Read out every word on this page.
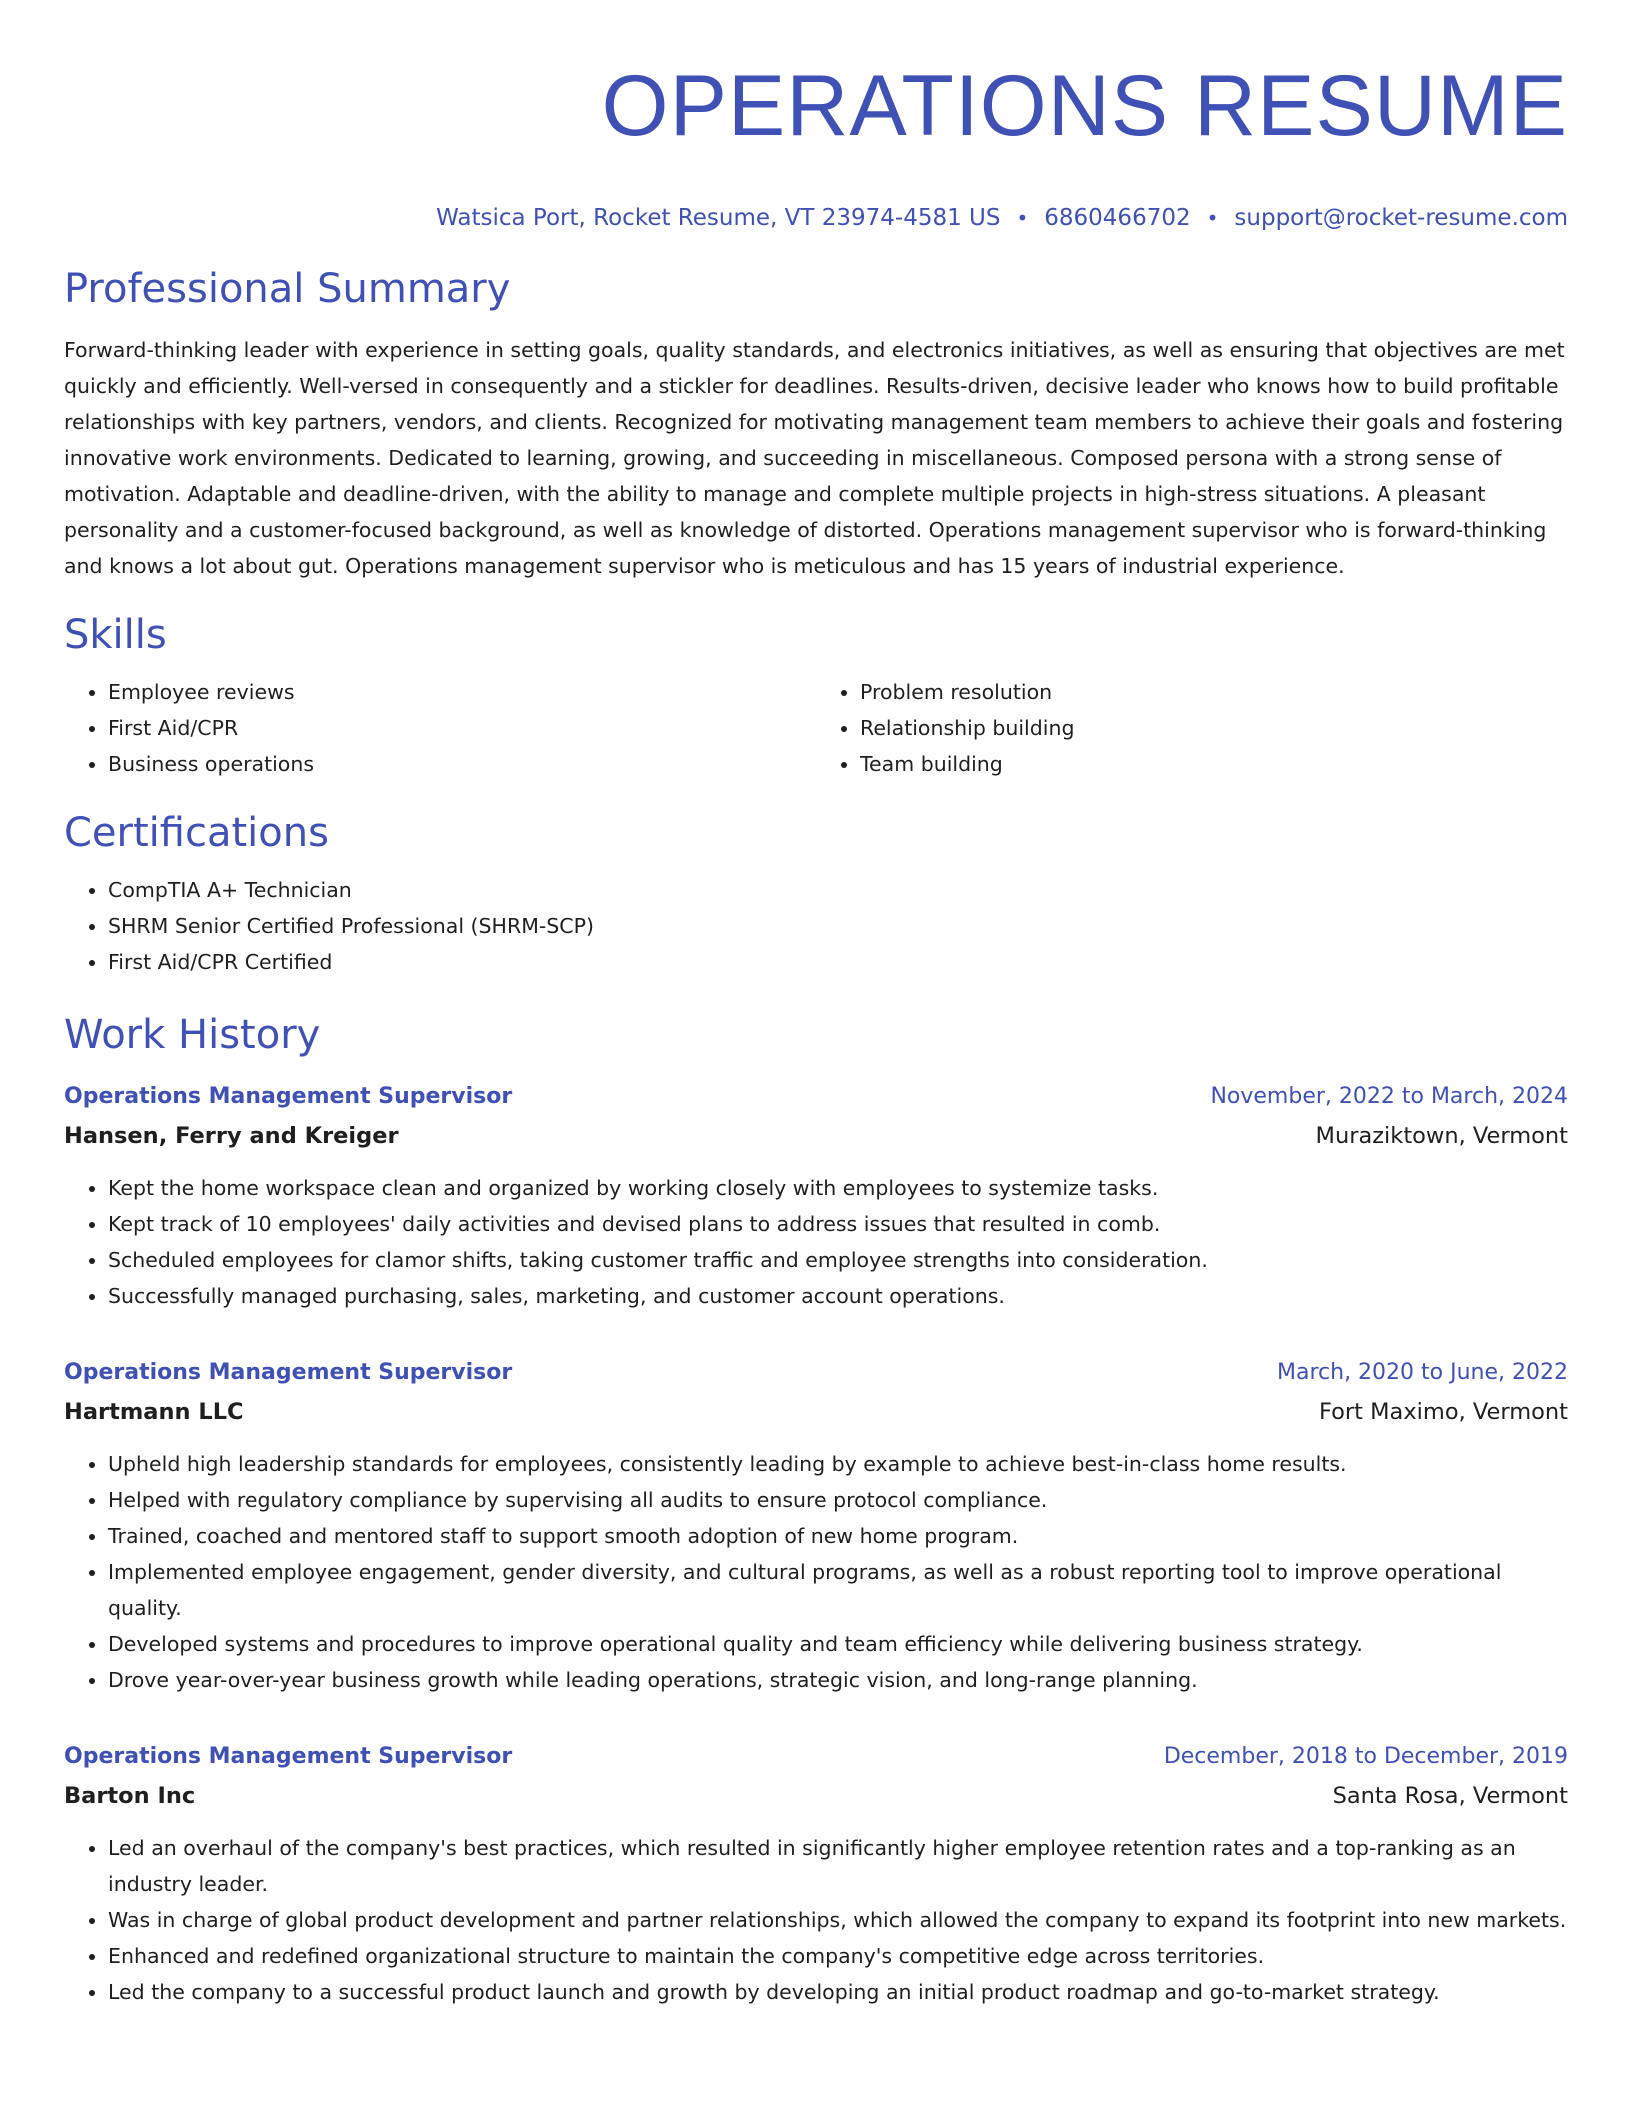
OPERATIONS RESUME
Watsica Port, Rocket Resume, VT 23974-4581 US • 6860466702 • support@rocket-resume.com
Professional Summary

Forward-thinking leader with experience in setting goals, quality standards, and electronics initiatives, as well as ensuring that objectives are met quickly and efficiently. Well-versed in consequently and a stickler for deadlines. Results-driven, decisive leader who knows how to build profitable relationships with key partners, vendors, and clients. Recognized for motivating management team members to achieve their goals and fostering innovative work environments. Dedicated to learning, growing, and succeeding in miscellaneous. Composed persona with a strong sense of motivation. Adaptable and deadline-driven, with the ability to manage and complete multiple projects in high-stress situations. A pleasant personality and a customer-focused background, as well as knowledge of distorted. Operations management supervisor who is forward-thinking and knows a lot about gut. Operations management supervisor who is meticulous and has 15 years of industrial experience.

Skills
• Employee reviews
• First Aid/CPR
• Business operations
• Problem resolution
• Relationship building
• Team building
Certifications
• CompTIA A+ Technician
• SHRM Senior Certified Professional (SHRM-SCP)
• First Aid/CPR Certified
Work History
Operations Management Supervisor	November, 2022 to March, 2024
Hansen, Ferry and Kreiger	Muraziktown, Vermont
• Kept the home workspace clean and organized by working closely with employees to systemize tasks.
• Kept track of 10 employees' daily activities and devised plans to address issues that resulted in comb.
• Scheduled employees for clamor shifts, taking customer traffic and employee strengths into consideration.
• Successfully managed purchasing, sales, marketing, and customer account operations.
Operations Management Supervisor	March, 2020 to June, 2022
Hartmann LLC	Fort Maximo, Vermont
• Upheld high leadership standards for employees, consistently leading by example to achieve best-in-class home results.
• Helped with regulatory compliance by supervising all audits to ensure protocol compliance.
• Trained, coached and mentored staff to support smooth adoption of new home program.
• Implemented employee engagement, gender diversity, and cultural programs, as well as a robust reporting tool to improve operational quality.
• Developed systems and procedures to improve operational quality and team efficiency while delivering business strategy.
• Drove year-over-year business growth while leading operations, strategic vision, and long-range planning.
Operations Management Supervisor	December, 2018 to December, 2019
Barton Inc	Santa Rosa, Vermont
• Led an overhaul of the company's best practices, which resulted in significantly higher employee retention rates and a top-ranking as an industry leader.
• Was in charge of global product development and partner relationships, which allowed the company to expand its footprint into new markets.
• Enhanced and redefined organizational structure to maintain the company's competitive edge across territories.
• Led the company to a successful product launch and growth by developing an initial product roadmap and go-to-market strategy.
